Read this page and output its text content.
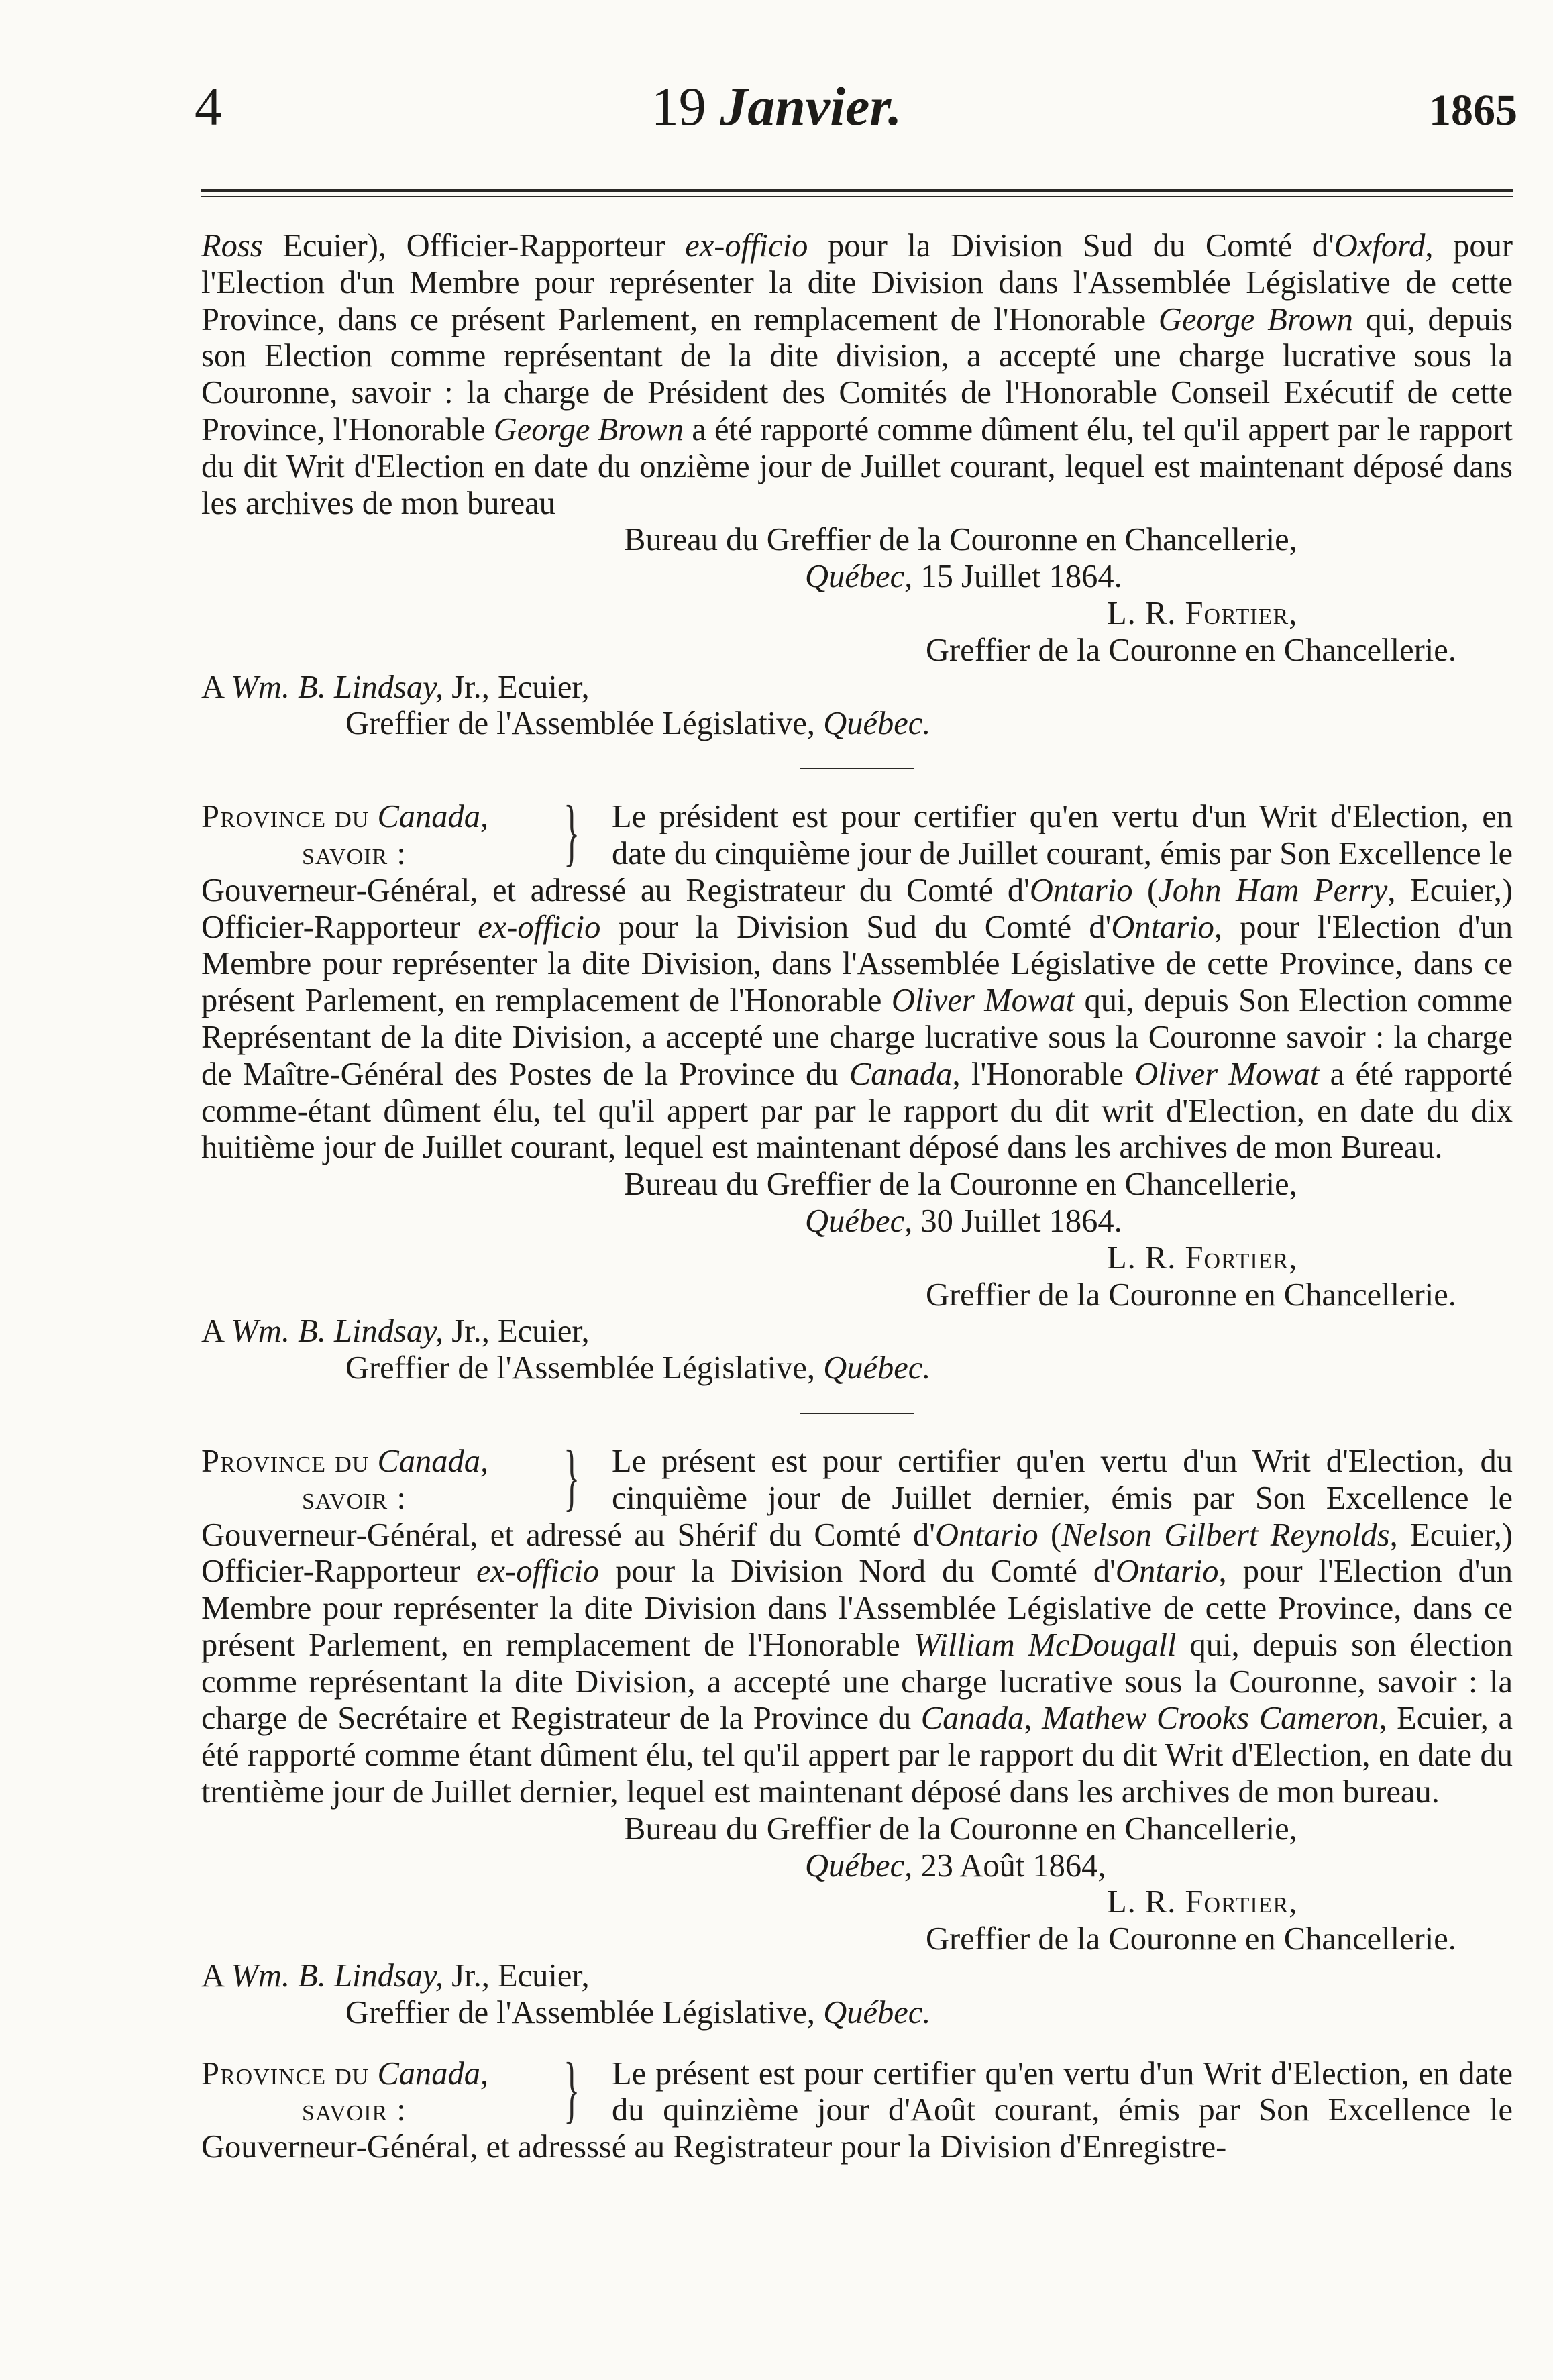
19 Janvier.
4	1865

Ross Ecuier), Officier-Rapporteur ex-officio pour la Division Sud du Comté d'Oxford, pour l'Election d'un Membre pour représenter la dite Division dans l'Assemblée Législative de cette Province, dans ce présent Parlement, en remplacement de l'Honorable George Brown qui, depuis son Election comme représentant de la dite division, a accepté une charge lucrative sous la Couronne, savoir : la charge de Président des Comités de l'Honorable Conseil Exécutif de cette Province, l'Honorable George Brown a été rapporté comme dûment élu, tel qu'il appert par le rapport du dit Writ d'Election en date du onzième jour de Juillet courant, lequel est maintenant déposé dans les archives de mon bureau

Bureau du Greffier de la Couronne en Chancellerie,

Québec, 15 Juillet 1864.

L. R. Fortier,

Greffier de la Couronne en Chancellerie.

A Wm. B. Lindsay, Jr., Ecuier,

Greffier de l'Assemblée Législative, Québec.

Province du Canada,
savoir : } Le président est pour certifier qu'en vertu d'un Writ d'Election, en date du cinquième jour de Juillet courant, émis par Son Excellence le Gouverneur-Général, et adressé au Registrateur du Comté d'Ontario (John Ham Perry, Ecuier,) Officier-Rapporteur ex-officio pour la Division Sud du Comté d'Ontario, pour l'Election d'un Membre pour représenter la dite Division, dans l'Assemblée Législative de cette Province, dans ce présent Parlement, en remplacement de l'Honorable Oliver Mowat qui, depuis Son Election comme Représentant de la dite Division, a accepté une charge lucrative sous la Couronne savoir : la charge de Maître-Général des Postes de la Province du Canada, l'Honorable Oliver Mowat a été rapporté comme-étant dûment élu, tel qu'il appert par par le rapport du dit writ d'Election, en date du dix huitième jour de Juillet courant, lequel est maintenant déposé dans les archives de mon Bureau.

Bureau du Greffier de la Couronne en Chancellerie,

Québec, 30 Juillet 1864.

L. R. Fortier,

Greffier de la Couronne en Chancellerie.

A Wm. B. Lindsay, Jr., Ecuier,

Greffier de l'Assemblée Législative, Québec.

Province du Canada,
savoir : } Le présent est pour certifier qu'en vertu d'un Writ d'Election, du cinquième jour de Juillet dernier, émis par Son Excellence le Gouverneur-Général, et adressé au Shérif du Comté d'Ontario (Nelson Gilbert Reynolds, Ecuier,) Officier-Rapporteur ex-officio pour la Division Nord du Comté d'Ontario, pour l'Election d'un Membre pour représenter la dite Division dans l'Assemblée Législative de cette Province, dans ce présent Parlement, en remplacement de l'Honorable William McDougall qui, depuis son élection comme représentant la dite Division, a accepté une charge lucrative sous la Couronne, savoir : la charge de Secrétaire et Registrateur de la Province du Canada, Mathew Crooks Cameron, Ecuier, a été rapporté comme étant dûment élu, tel qu'il appert par le rapport du dit Writ d'Election, en date du trentième jour de Juillet dernier, lequel est maintenant déposé dans les archives de mon bureau.

Bureau du Greffier de la Couronne en Chancellerie,

Québec, 23 Août 1864,

L. R. Fortier,

Greffier de la Couronne en Chancellerie.

A Wm. B. Lindsay, Jr., Ecuier,

Greffier de l'Assemblée Législative, Québec.

Province du Canada,
savoir : } Le présent est pour certifier qu'en vertu d'un Writ d'Election, en date du quinzième jour d'Août courant, émis par Son Excellence le Gouverneur-Général, et adresssé au Registrateur pour la Division d'Enregistre-
